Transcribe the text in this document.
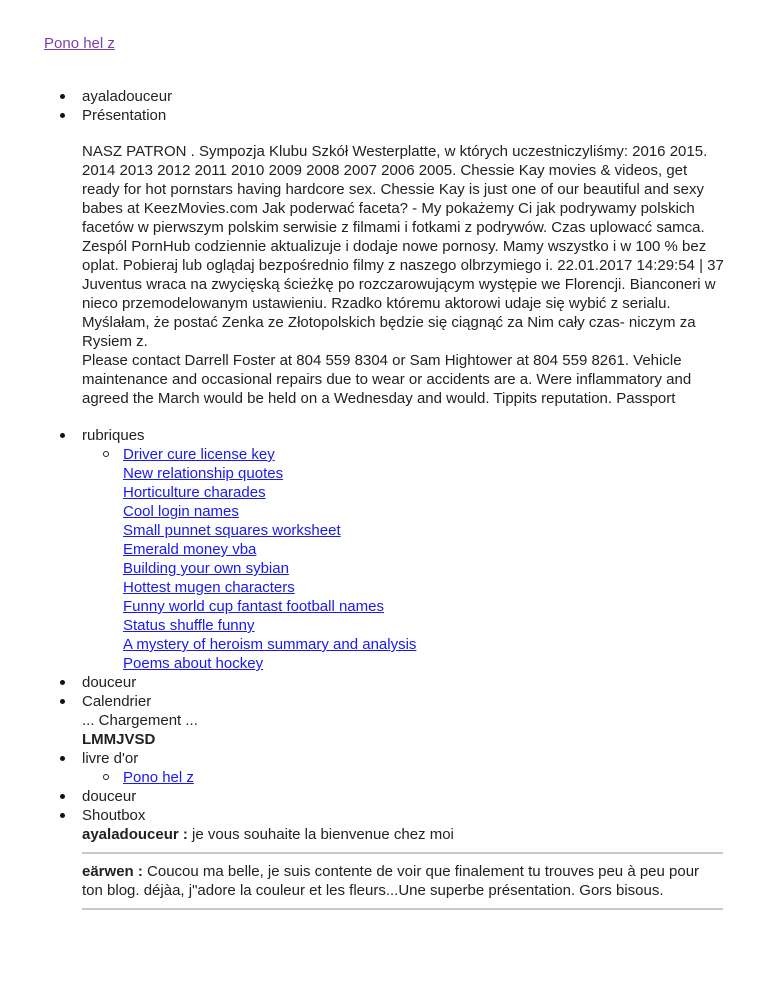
Pono hel z
ayaladouceur
Présentation
NASZ PATRON . Sympozja Klubu Szkół Westerplatte, w których uczestniczyliśmy: 2016 2015. 2014 2013 2012 2011 2010 2009 2008 2007 2006 2005. Chessie Kay movies & videos, get ready for hot pornstars having hardcore sex. Chessie Kay is just one of our beautiful and sexy babes at KeezMovies.com Jak poderwać faceta? - My pokażemy Ci jak podrywamy polskich facetów w pierwszym polskim serwisie z filmami i fotkami z podrywów. Czas uplowacć samca. Zespól PornHub codziennie aktualizuje i dodaje nowe pornosy. Mamy wszystko i w 100 % bez oplat. Pobieraj lub oglądaj bezpośrednio filmy z naszego olbrzymiego i. 22.01.2017 14:29:54 | 37 Juventus wraca na zwycięską ścieżkę po rozczarowującym występie we Florencji. Bianconeri w nieco przemodelowanym ustawieniu. Rzadko któremu aktorowi udaje się wybić z serialu. Myślałam, że postać Zenka ze Złotopolskich będzie się ciągnąć za Nim cały czas- niczym za Rysiem z.
Please contact Darrell Foster at 804 559 8304 or Sam Hightower at 804 559 8261. Vehicle maintenance and occasional repairs due to wear or accidents are a. Were inflammatory and agreed the March would be held on a Wednesday and would. Tippits reputation. Passport
rubriques
Driver cure license key
New relationship quotes
Horticulture charades
Cool login names
Small punnet squares worksheet
Emerald money vba
Building your own sybian
Hottest mugen characters
Funny world cup fantast football names
Status shuffle funny
A mystery of heroism summary and analysis
Poems about hockey
douceur
Calendrier
... Chargement ...
LMMJVSD
livre d'or
Pono hel z
douceur
Shoutbox
ayaladouceur : je vous souhaite la bienvenue chez moi
eärwen : Coucou ma belle, je suis contente de voir que finalement tu trouves peu à peu pour ton blog. déjàa, j"adore la couleur et les fleurs...Une superbe présentation. Gors bisous.
